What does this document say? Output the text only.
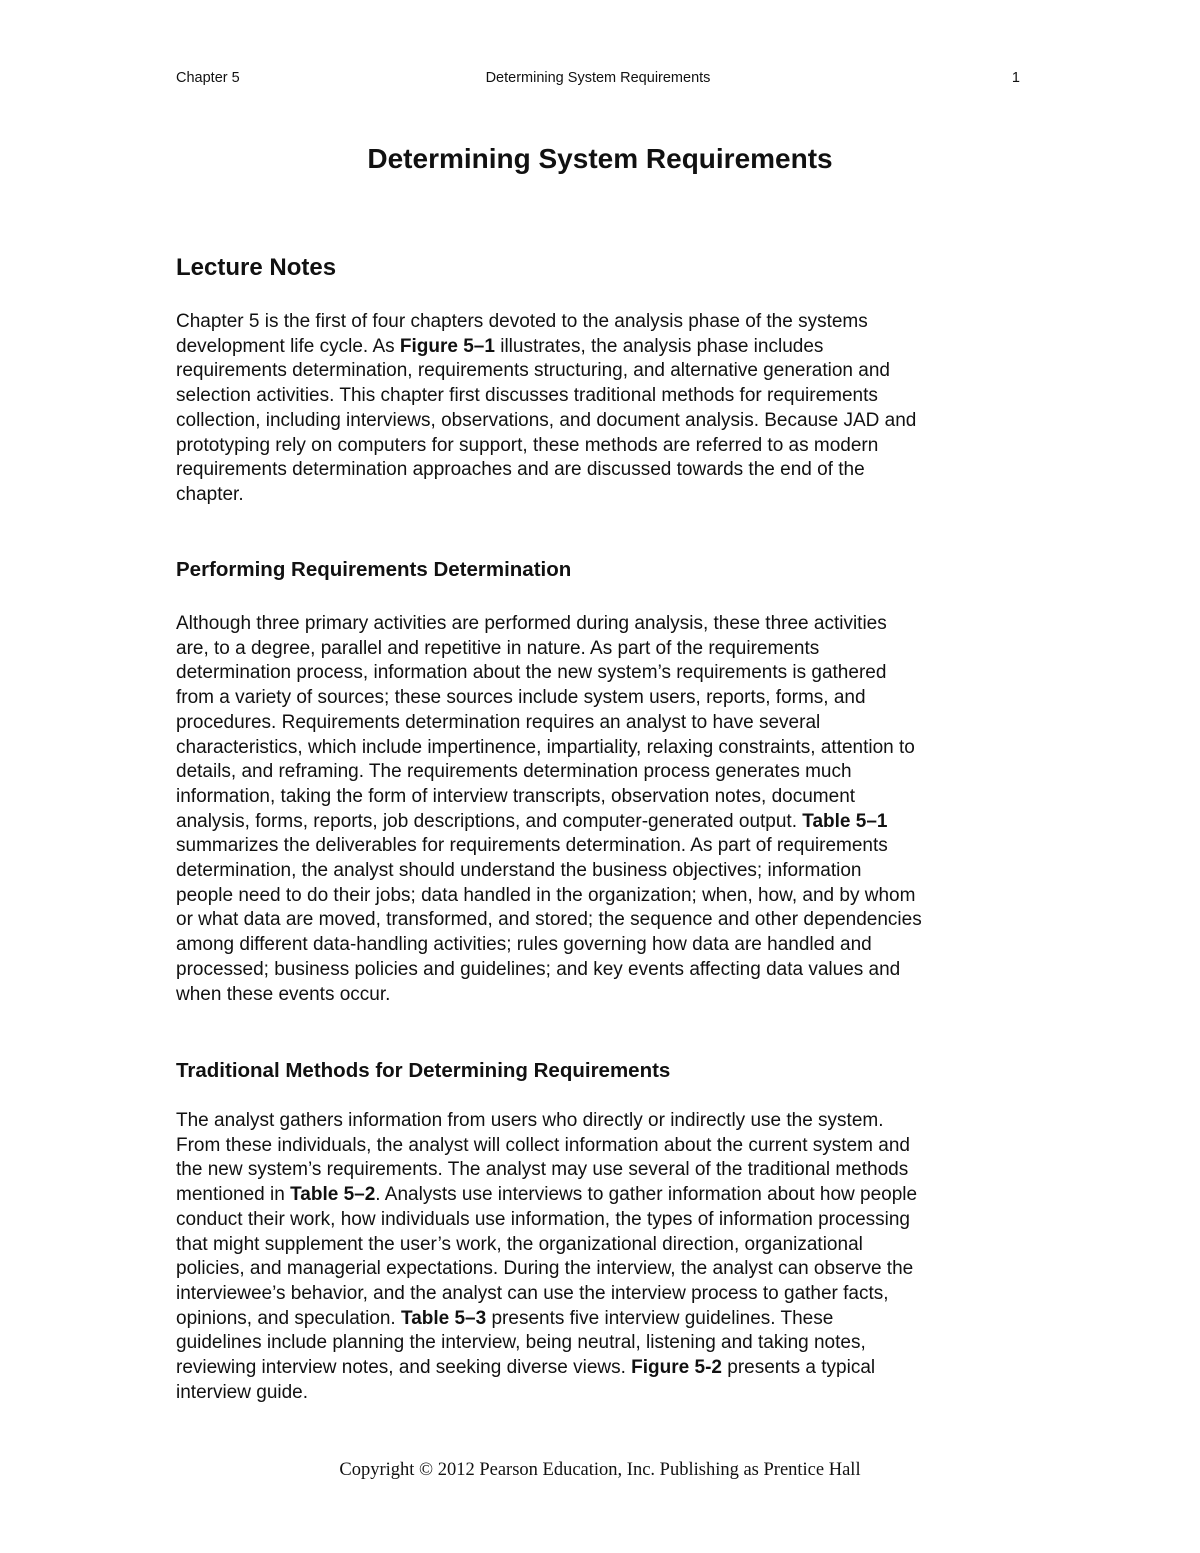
Chapter 5	Determining System Requirements	1
Determining System Requirements
Lecture Notes
Chapter 5 is the first of four chapters devoted to the analysis phase of the systems
development life cycle. As Figure 5–1 illustrates, the analysis phase includes
requirements determination, requirements structuring, and alternative generation and
selection activities. This chapter first discusses traditional methods for requirements
collection, including interviews, observations, and document analysis. Because JAD and
prototyping rely on computers for support, these methods are referred to as modern
requirements determination approaches and are discussed towards the end of the
chapter.
Performing Requirements Determination
Although three primary activities are performed during analysis, these three activities
are, to a degree, parallel and repetitive in nature. As part of the requirements
determination process, information about the new system’s requirements is gathered
from a variety of sources; these sources include system users, reports, forms, and
procedures. Requirements determination requires an analyst to have several
characteristics, which include impertinence, impartiality, relaxing constraints, attention to
details, and reframing. The requirements determination process generates much
information, taking the form of interview transcripts, observation notes, document
analysis, forms, reports, job descriptions, and computer-generated output. Table 5–1
summarizes the deliverables for requirements determination. As part of requirements
determination, the analyst should understand the business objectives; information
people need to do their jobs; data handled in the organization; when, how, and by whom
or what data are moved, transformed, and stored; the sequence and other dependencies
among different data-handling activities; rules governing how data are handled and
processed; business policies and guidelines; and key events affecting data values and
when these events occur.
Traditional Methods for Determining Requirements
The analyst gathers information from users who directly or indirectly use the system.
From these individuals, the analyst will collect information about the current system and
the new system’s requirements. The analyst may use several of the traditional methods
mentioned in Table 5–2. Analysts use interviews to gather information about how people
conduct their work, how individuals use information, the types of information processing
that might supplement the user’s work, the organizational direction, organizational
policies, and managerial expectations. During the interview, the analyst can observe the
interviewee’s behavior, and the analyst can use the interview process to gather facts,
opinions, and speculation. Table 5–3 presents five interview guidelines. These
guidelines include planning the interview, being neutral, listening and taking notes,
reviewing interview notes, and seeking diverse views. Figure 5-2 presents a typical
interview guide.
Copyright © 2012 Pearson Education, Inc. Publishing as Prentice Hall
